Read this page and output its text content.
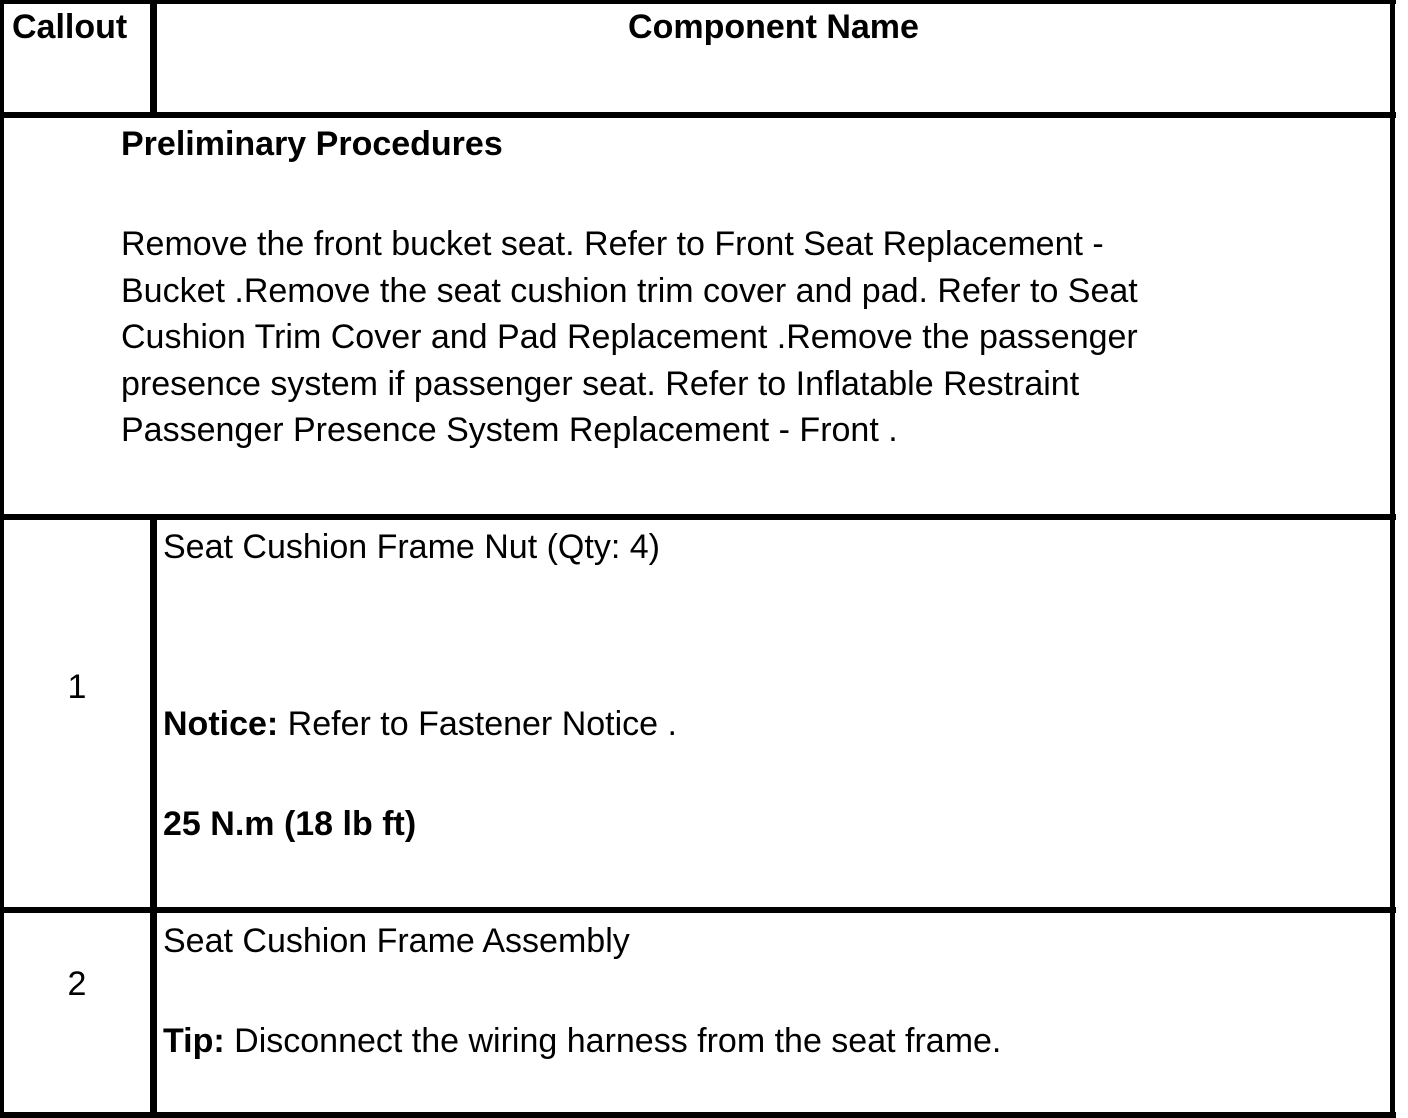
Callout	Component Name
Preliminary Procedures
Remove the front bucket seat. Refer to Front Seat Replacement -
Bucket .Remove the seat cushion trim cover and pad. Refer to Seat
Cushion Trim Cover and Pad Replacement .Remove the passenger
presence system if passenger seat. Refer to Inflatable Restraint
Passenger Presence System Replacement - Front .
1
Seat Cushion Frame Nut (Qty: 4)
Notice: Refer to Fastener Notice .
25 N.m (18 lb ft)
2
Seat Cushion Frame Assembly
Tip: Disconnect the wiring harness from the seat frame.
